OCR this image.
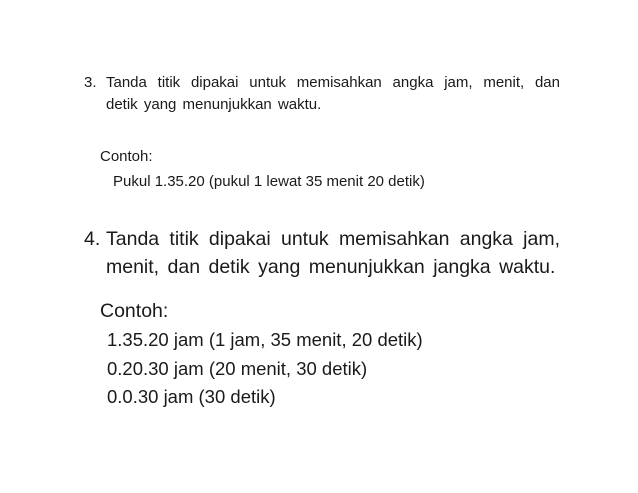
3. Tanda titik dipakai untuk memisahkan angka jam, menit, dan detik yang menunjukkan waktu.
Contoh:
Pukul 1.35.20 (pukul 1 lewat 35 menit 20 detik)
4. Tanda titik dipakai untuk memisahkan angka jam, menit, dan detik yang menunjukkan jangka waktu.
Contoh:
1.35.20 jam (1 jam, 35 menit, 20 detik)
0.20.30 jam (20 menit, 30 detik)
0.0.30 jam (30 detik)
